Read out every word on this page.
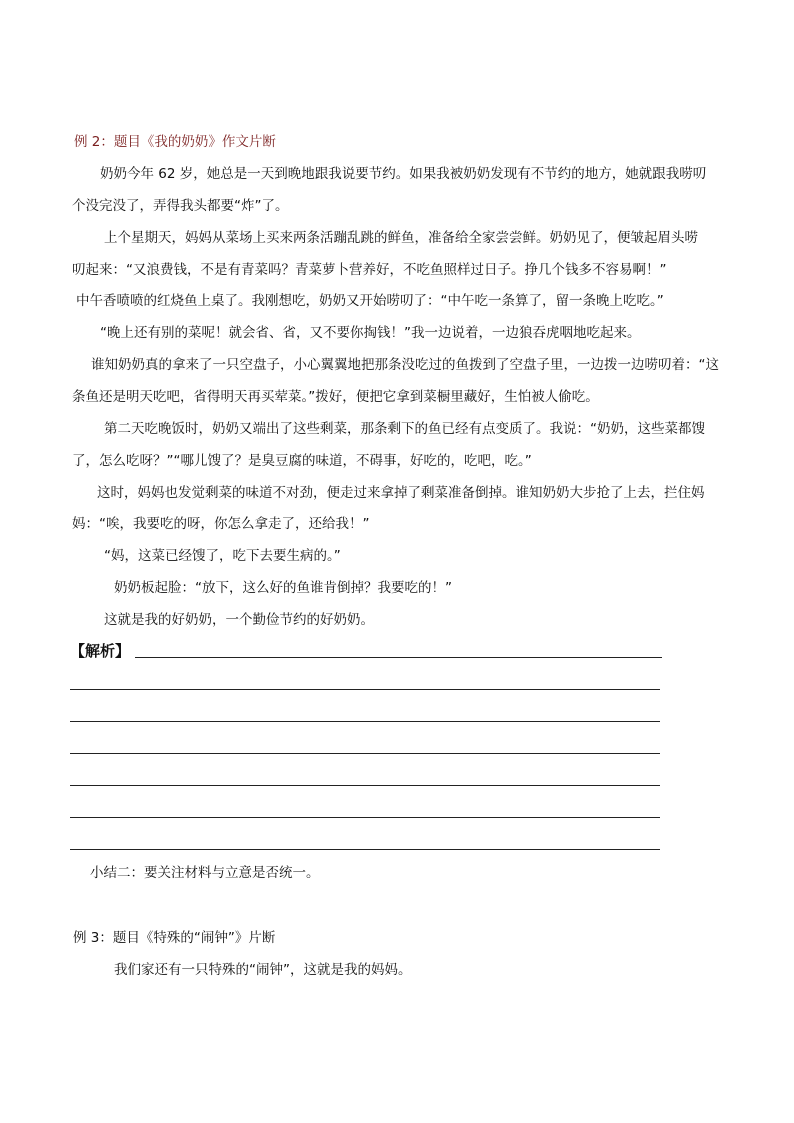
例 2：题目《我的奶奶》作文片断
奶奶今年 62 岁，她总是一天到晚地跟我说要节约。如果我被奶奶发现有不节约的地方，她就跟我唠叨
个没完没了，弄得我头都要“炸”了。
上个星期天，妈妈从菜场上买来两条活蹦乱跳的鲜鱼，准备给全家尝尝鲜。奶奶见了，便皱起眉头唠
叨起来：“又浪费钱，不是有青菜吗？青菜萝卜营养好，不吃鱼照样过日子。挣几个钱多不容易啊！”
中午香喷喷的红烧鱼上桌了。我刚想吃，奶奶又开始唠叨了：“中午吃一条算了，留一条晚上吃吃。”
“晚上还有别的菜呢！就会省、省，又不要你掏钱！”我一边说着，一边狼吞虎咽地吃起来。
谁知奶奶真的拿来了一只空盘子，小心翼翼地把那条没吃过的鱼拨到了空盘子里，一边拨一边唠叨着：“这
条鱼还是明天吃吧，省得明天再买荤菜。”拨好，便把它拿到菜橱里藏好，生怕被人偷吃。
第二天吃晚饭时，奶奶又端出了这些剩菜，那条剩下的鱼已经有点变质了。我说：“奶奶，这些菜都馊
了，怎么吃呀？”“哪儿馊了？是臭豆腐的味道，不碍事，好吃的，吃吧，吃。”
这时，妈妈也发觉剩菜的味道不对劲，便走过来拿掉了剩菜准备倒掉。谁知奶奶大步抢了上去，拦住妈
妈：“唉，我要吃的呀，你怎么拿走了，还给我！”
“妈，这菜已经馊了，吃下去要生病的。”
奶奶板起脸：“放下，这么好的鱼谁肯倒掉？我要吃的！”
这就是我的好奶奶，一个勤俭节约的好奶奶。
【解析】
小结二：要关注材料与立意是否统一。
例 3：题目《特殊的“闹钟”》片断
我们家还有一只特殊的“闹钟”，这就是我的妈妈。
